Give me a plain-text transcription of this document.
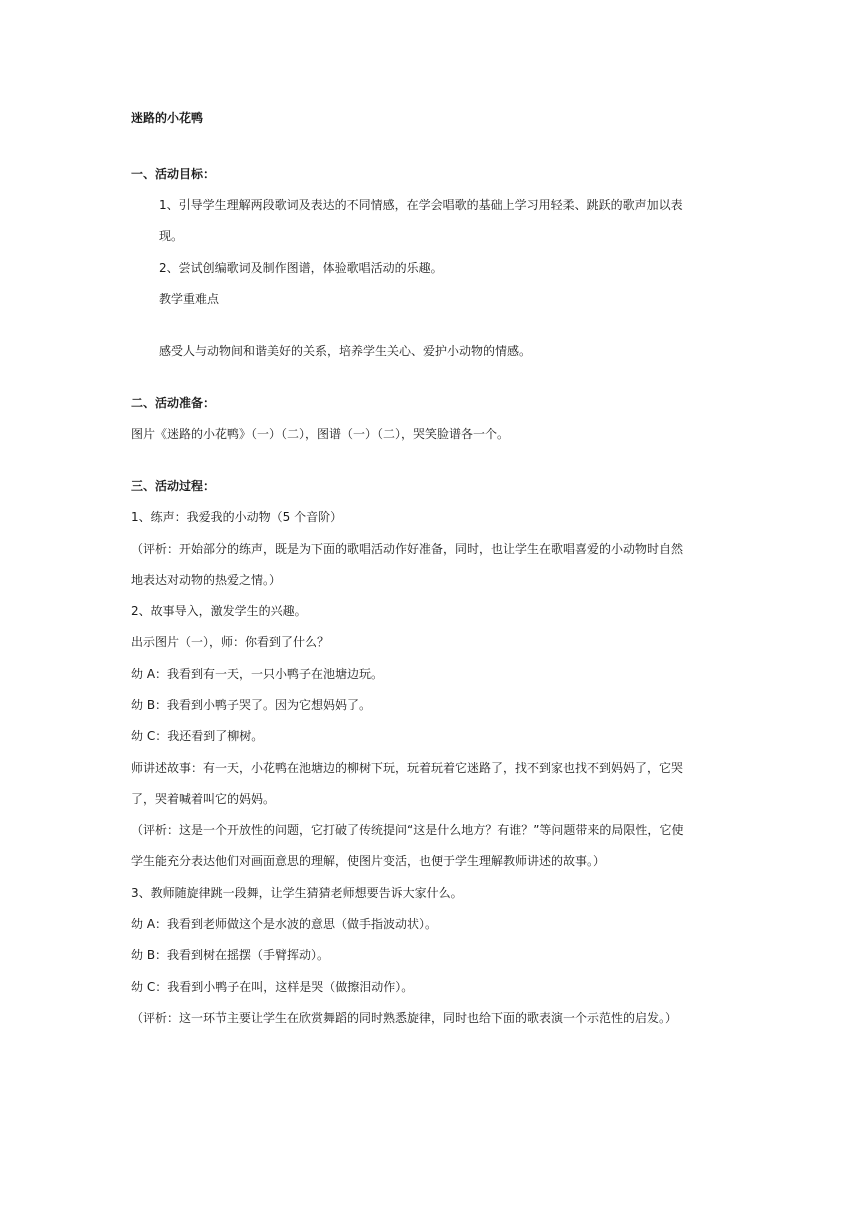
迷路的小花鸭
一、活动目标：
1、引导学生理解两段歌词及表达的不同情感，在学会唱歌的基础上学习用轻柔、跳跃的歌声加以表
现。
2、尝试创编歌词及制作图谱，体验歌唱活动的乐趣。
教学重难点
感受人与动物间和谐美好的关系，培养学生关心、爱护小动物的情感。
二、活动准备：
图片《迷路的小花鸭》（一）（二），图谱（一）（二），哭笑脸谱各一个。
三、活动过程：
1、练声：我爱我的小动物（5 个音阶）
（评析：开始部分的练声，既是为下面的歌唱活动作好准备，同时，也让学生在歌唱喜爱的小动物时自然
地表达对动物的热爱之情。）
2、故事导入，激发学生的兴趣。
出示图片（一），师：你看到了什么？
幼 A：我看到有一天，一只小鸭子在池塘边玩。
幼 B：我看到小鸭子哭了。因为它想妈妈了。
幼 C：我还看到了柳树。
师讲述故事：有一天，小花鸭在池塘边的柳树下玩，玩着玩着它迷路了，找不到家也找不到妈妈了，它哭
了，哭着喊着叫它的妈妈。
（评析：这是一个开放性的问题，它打破了传统提问“这是什么地方？有谁？”等问题带来的局限性，它使
学生能充分表达他们对画面意思的理解，使图片变活，也便于学生理解教师讲述的故事。）
3、教师随旋律跳一段舞，让学生猜猜老师想要告诉大家什么。
幼 A：我看到老师做这个是水波的意思（做手指波动状）。
幼 B：我看到树在摇摆（手臂挥动）。
幼 C：我看到小鸭子在叫，这样是哭（做擦泪动作）。
（评析：这一环节主要让学生在欣赏舞蹈的同时熟悉旋律，同时也给下面的歌表演一个示范性的启发。）
